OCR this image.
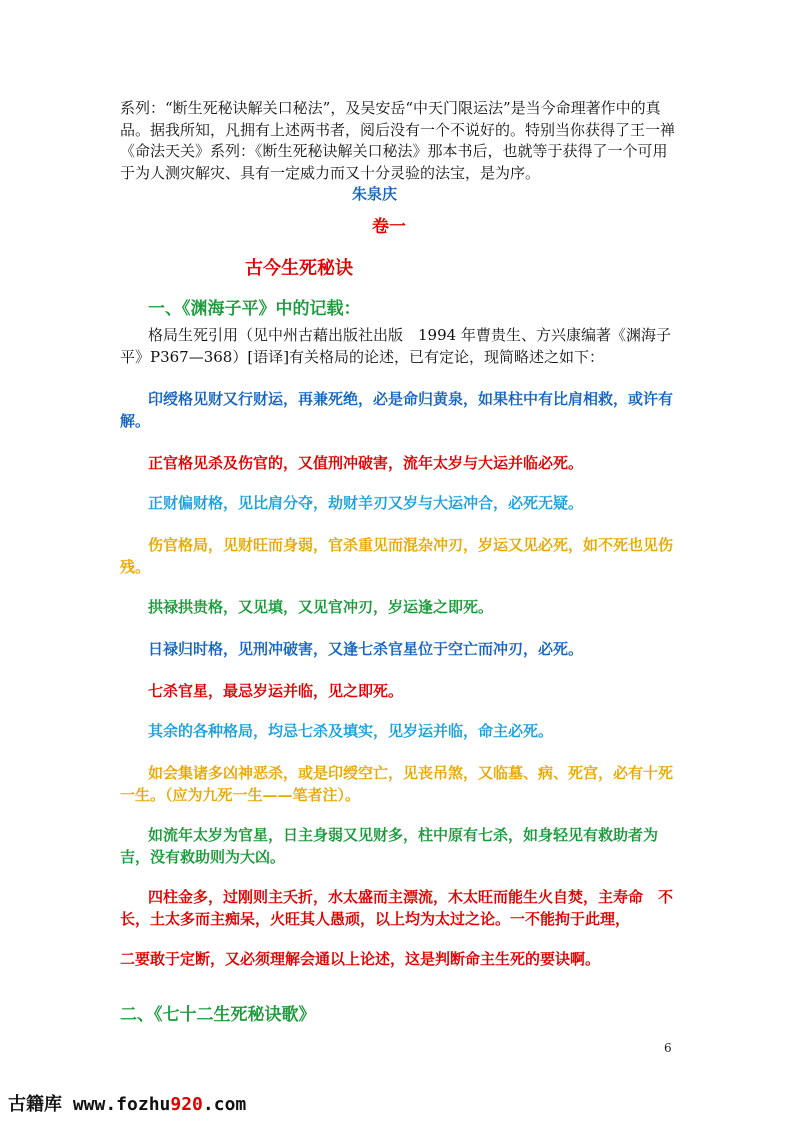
系列：“断生死秘诀解关口秘法”，及吴安岳“中天门限运法”是当今命理著作中的真品。据我所知，凡拥有上述两书者，阅后没有一个不说好的。特别当你获得了王一禅《命法天关》系列：《断生死秘诀解关口秘法》那本书后，也就等于获得了一个可用于为人测灾解灾、具有一定威力而又十分灵验的法宝，是为序。
朱泉庆
卷一
古今生死秘诀
一、《渊海子平》中的记载：
格局生死引用（见中州古藉出版社出版　1994 年曹贵生、方兴康编著《渊海子平》P367—368）[语译]有关格局的论述，已有定论，现简略述之如下：

印绶格见财又行财运，再兼死绝，必是命归黄泉，如果柱中有比肩相救，或许有解。

正官格见杀及伤官的，又值刑冲破害，流年太岁与大运并临必死。

正财偏财格，见比肩分夺，劫财羊刃又岁与大运冲合，必死无疑。

伤官格局，见财旺而身弱，官杀重见而混杂冲刃，岁运又见必死，如不死也见伤残。

拱禄拱贵格，又见填，又见官冲刃，岁运逢之即死。

日禄归时格，见刑冲破害，又逢七杀官星位于空亡而冲刃，必死。

七杀官星，最忌岁运并临，见之即死。

其余的各种格局，均忌七杀及填实，见岁运并临，命主必死。

如会集诸多凶神恶杀，或是印绶空亡，见丧吊煞，又临墓、病、死宫，必有十死一生。（应为九死一生——笔者注）。

如流年太岁为官星，日主身弱又见财多，柱中原有七杀，如身轻见有救助者为吉，没有救助则为大凶。

四柱金多，过刚则主夭折，水太盛而主漂流，木太旺而能生火自焚，主寿命　不长，土太多而主痴呆，火旺其人愚顽，以上均为太过之论。一不能拘于此理，

二要敢于定断，又必须理解会通以上论述，这是判断命主生死的要诀啊。

二、《七十二生死秘诀歌》
6
古籍库 www.fozhu920.com
